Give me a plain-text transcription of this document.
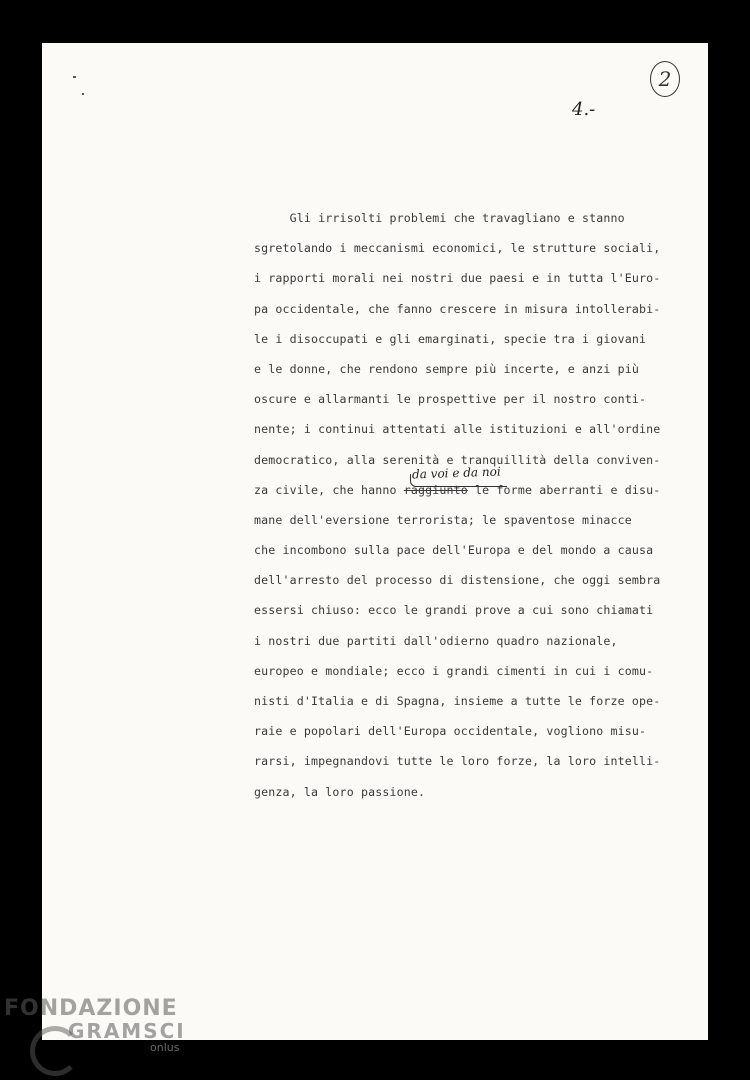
2
4.-
Gli irrisolti problemi che travagliano e stanno
sgretolando i meccanismi economici, le strutture sociali,
i rapporti morali nei nostri due paesi e in tutta l'Euro-
pa occidentale, che fanno crescere in misura intollerabi-
le i disoccupati e gli emarginati, specie tra i giovani
e le donne, che rendono sempre più incerte, e anzi più
oscure e allarmanti le prospettive per il nostro conti-
nente; i continui attentati alle istituzioni e all'ordine
democratico, alla serenità e tranquillità della conviven-
za civile, che hanno raggiunto le forme aberranti e disu-
mane dell'eversione terrorista; le spaventose minacce
che incombono sulla pace dell'Europa e del mondo a causa
dell'arresto del processo di distensione, che oggi sembra
essersi chiuso: ecco le grandi prove a cui sono chiamati
i nostri due partiti dall'odierno quadro nazionale,
europeo e mondiale; ecco i grandi cimenti in cui i comu-
nisti d'Italia e di Spagna, insieme a tutte le forze ope-
raie e popolari dell'Europa occidentale, vogliono misu-
rarsi, impegnandovi tutte le loro forze, la loro intelli-
genza, la loro passione.
da voi e da noi
FONDAZIONE
GRAMSCI
onlus
